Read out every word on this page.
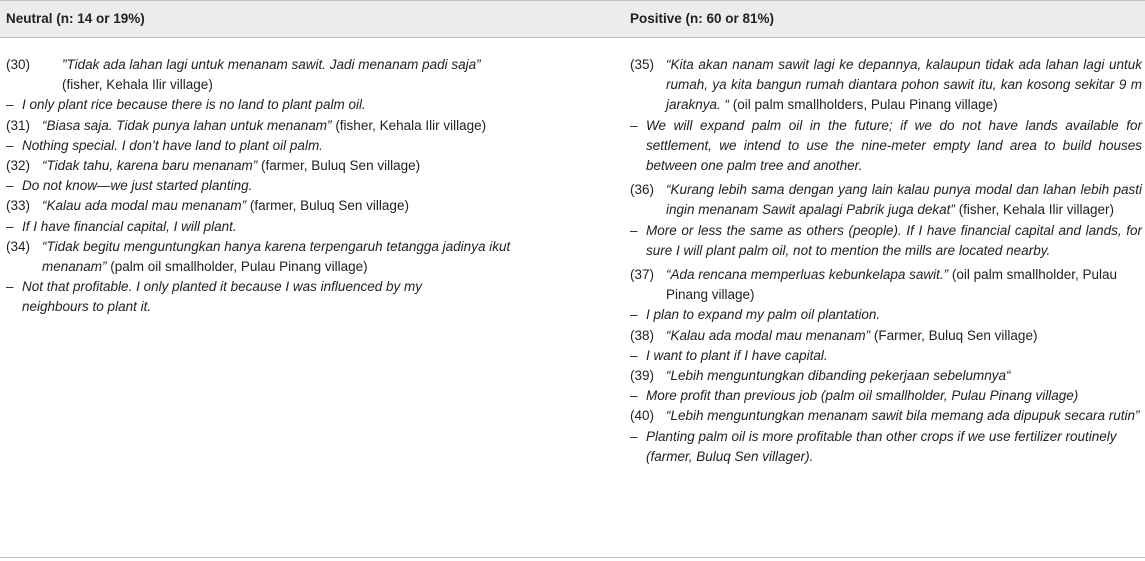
Neutral (n: 14 or 19%)	Positive (n: 60 or 81%)
(30) ”Tidak ada lahan lagi untuk menanam sawit. Jadi menanam padi saja”
(fisher, Kehala Ilir village)
– I only plant rice because there is no land to plant palm oil.
(31) “Biasa saja. Tidak punya lahan untuk menanam” (fisher, Kehala Ilir village)
– Nothing special. I don’t have land to plant oil palm.
(32) “Tidak tahu, karena baru menanam” (farmer, Buluq Sen village)
– Do not know—we just started planting.
(33) “Kalau ada modal mau menanam” (farmer, Buluq Sen village)
– If I have financial capital, I will plant.
(34) “Tidak begitu menguntungkan hanya karena terpengaruh tetangga jadinya ikut menanam” (palm oil smallholder, Pulau Pinang village)
– Not that profitable. I only planted it because I was influenced by my neighbours to plant it.
(35) “Kita akan nanam sawit lagi ke depannya, kalaupun tidak ada lahan lagi untuk rumah, ya kita bangun rumah diantara pohon sawit itu, kan kosong sekitar 9 m jaraknya. “ (oil palm smallholders, Pulau Pinang village)
– We will expand palm oil in the future; if we do not have lands available for settlement, we intend to use the nine-meter empty land area to build houses between one palm tree and another.
(36) “Kurang lebih sama dengan yang lain kalau punya modal dan lahan lebih pasti ingin menanam Sawit apalagi Pabrik juga dekat” (fisher, Kehala Ilir villager)
– More or less the same as others (people). If I have financial capital and lands, for sure I will plant palm oil, not to mention the mills are located nearby.
(37) “Ada rencana memperluas kebunkelapa sawit.” (oil palm smallholder, Pulau Pinang village)
– I plan to expand my palm oil plantation.
(38) “Kalau ada modal mau menanam” (Farmer, Buluq Sen village)
– I want to plant if I have capital.
(39) “Lebih menguntungkan dibanding pekerjaan sebelumnya“
– More profit than previous job (palm oil smallholder, Pulau Pinang village)
(40) “Lebih menguntungkan menanam sawit bila memang ada dipupuk secara rutin”
– Planting palm oil is more profitable than other crops if we use fertilizer routinely (farmer, Buluq Sen villager).
